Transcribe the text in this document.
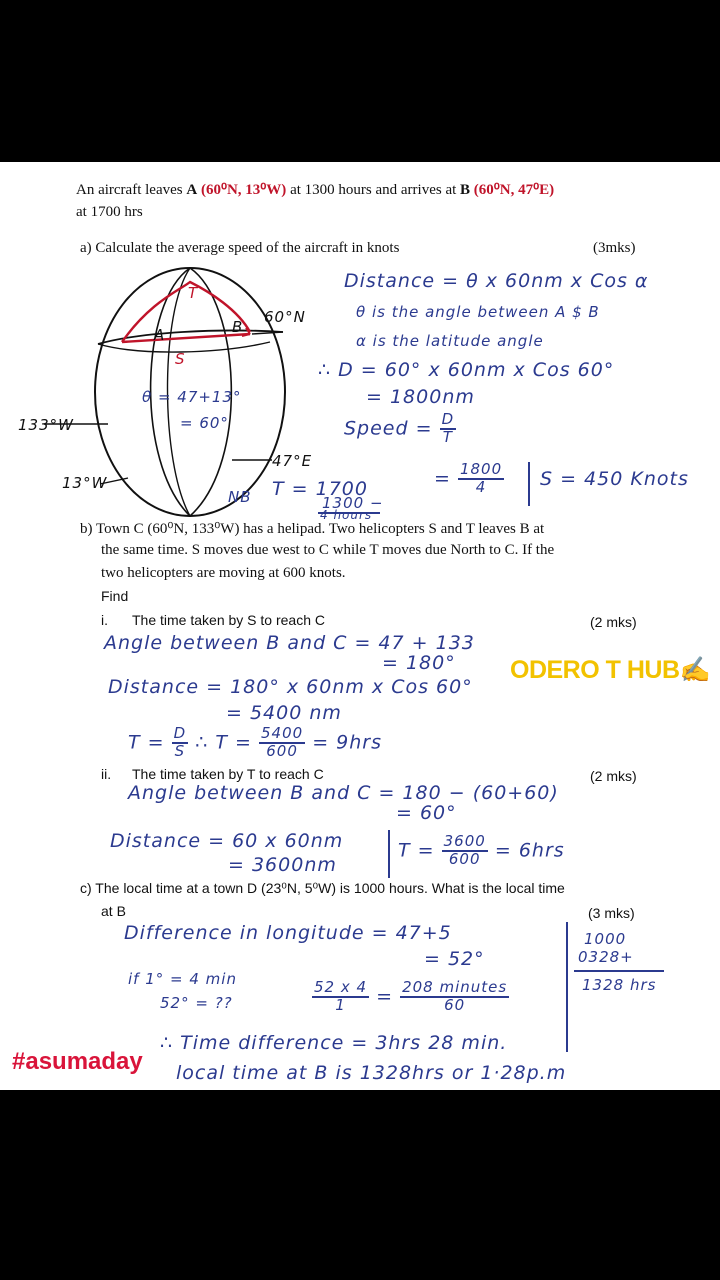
An aircraft leaves A (60⁰N, 13⁰W) at 1300 hours and arrives at B (60⁰N, 47⁰E)
at 1700 hrs
a) Calculate the average speed of the aircraft in knots	(3mks)
T
A	B
S
60°N
133°W
13°W
47°E
θ = 47+13°
= 60°
Distance = θ x 60nm x Cos α
θ is the angle between A $ B
α is the latitude angle
∴ D = 60° x 60nm x Cos 60°
= 1800nm
Speed = $\frac{D}{T}$
= $\frac{1800}{4}$ S = 450 Knots
NB T = 1700
1300 −
4 hours
b) Town C (60⁰N, 133⁰W) has a helipad. Two helicopters S and T leaves B at
the same time. S moves due west to C while T moves due North to C. If the
two helicopters are moving at 600 knots.
Find
i. The time taken by S to reach C	(2 mks)
Angle between B and C = 47 + 133
= 180°
Distance = 180° x 60nm x Cos 60°
= 5400 nm
$T = \frac{D}{S}$ ∴ $T = \frac{5400}{600} = 9hrs$
ODERO T HUB✍
ii. The time taken by T to reach C	(2 mks)
Angle between B and C = 180 − (60+60)
= 60°
Distance = 60 x 60nm
= 3600nm
$T = \frac{3600}{600} = 6hrs$
c) The local time at a town D (23⁰N, 5⁰W) is 1000 hours. What is the local time
at B	(3 mks)
Difference in longitude = 47+5
= 52°
if 1° = 4 min
52° = ??	$\frac{52 x 4}{1} = \frac{\text{208 minutes}}{60}$
∴ Time difference = 3hrs 28 min.
local time at B is 1328hrs or 1·28p.m
1000
0328+
1328 hrs
#asumaday
